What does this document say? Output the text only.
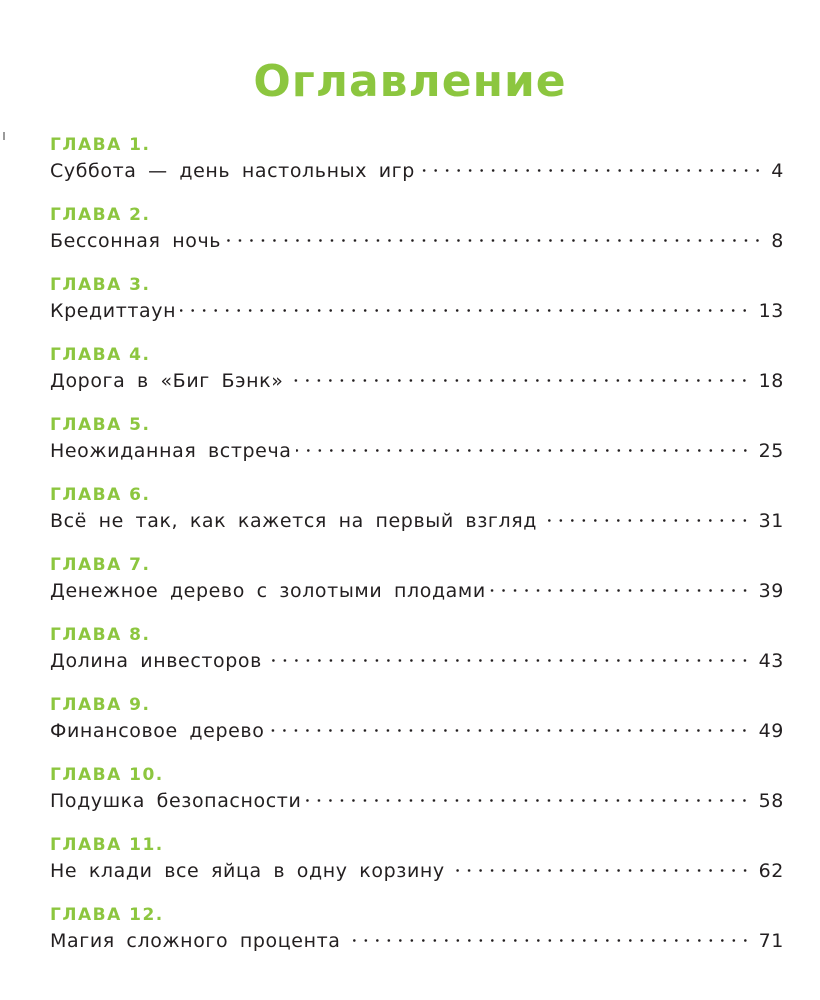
Оглавление
ГЛАВА 1.
Суббота — день настольных игр	4
ГЛАВА 2.
Бессонная ночь	8
ГЛАВА 3.
Кредиттаун	13
ГЛАВА 4.
Дорога в «Биг Бэнк»	18
ГЛАВА 5.
Неожиданная встреча	25
ГЛАВА 6.
Всё не так, как кажется на первый взгляд	31
ГЛАВА 7.
Денежное дерево с золотыми плодами	39
ГЛАВА 8.
Долина инвесторов	43
ГЛАВА 9.
Финансовое дерево	49
ГЛАВА 10.
Подушка безопасности	58
ГЛАВА 11.
Не клади все яйца в одну корзину	62
ГЛАВА 12.
Магия сложного процента	71
